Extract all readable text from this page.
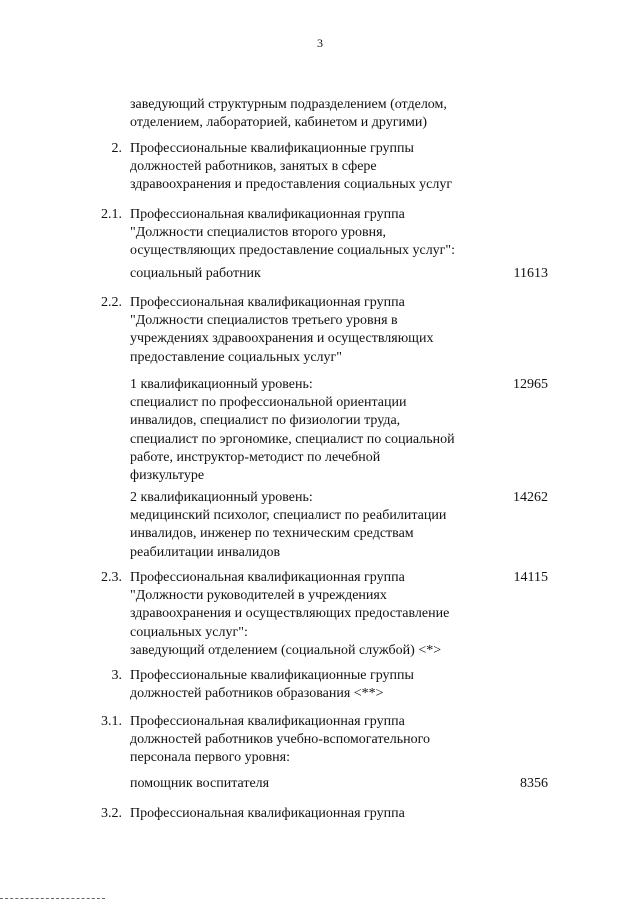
3
заведующий структурным подразделением (отделом,
отделением, лабораторией, кабинетом и другими)
2. Профессиональные квалификационные группы
должностей работников, занятых в сфере
здравоохранения и предоставления социальных услуг
2.1. Профессиональная квалификационная группа
"Должности специалистов второго уровня,
осуществляющих предоставление социальных услуг":
социальный работник	11613
2.2. Профессиональная квалификационная группа
"Должности специалистов третьего уровня в
учреждениях здравоохранения и осуществляющих
предоставление социальных услуг"
1 квалификационный уровень:
специалист по профессиональной ориентации
инвалидов, специалист по физиологии труда,
специалист по эргономике, специалист по социальной
работе, инструктор-методист по лечебной
физкультуре
12965
2 квалификационный уровень:
медицинский психолог, специалист по реабилитации
инвалидов, инженер по техническим средствам
реабилитации инвалидов
14262
2.3. Профессиональная квалификационная группа
"Должности руководителей в учреждениях
здравоохранения и осуществляющих предоставление
социальных услуг":
заведующий отделением (социальной службой) <*>
14115
3. Профессиональные квалификационные группы
должностей работников образования <**>
3.1. Профессиональная квалификационная группа
должностей работников учебно-вспомогательного
персонала первого уровня:
помощник воспитателя	8356
3.2. Профессиональная квалификационная группа
